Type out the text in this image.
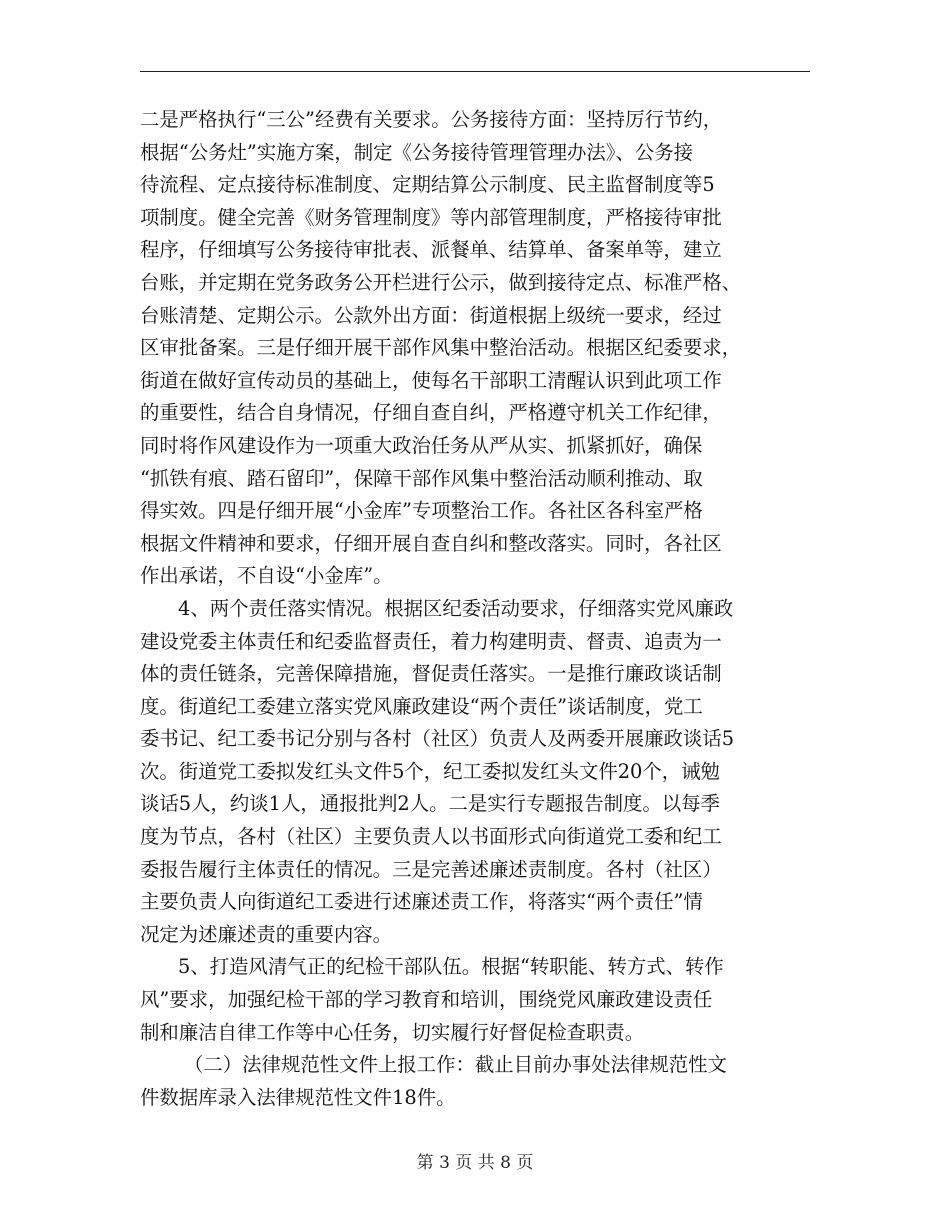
二是严格执行“三公”经费有关要求。公务接待方面：坚持厉行节约，
根据“公务灶”实施方案，制定《公务接待管理管理办法》、公务接
待流程、定点接待标准制度、定期结算公示制度、民主监督制度等5
项制度。健全完善《财务管理制度》等内部管理制度，严格接待审批
程序，仔细填写公务接待审批表、派餐单、结算单、备案单等，建立
台账，并定期在党务政务公开栏进行公示，做到接待定点、标准严格、
台账清楚、定期公示。公款外出方面：街道根据上级统一要求，经过
区审批备案。三是仔细开展干部作风集中整治活动。根据区纪委要求，
街道在做好宣传动员的基础上，使每名干部职工清醒认识到此项工作
的重要性，结合自身情况，仔细自查自纠，严格遵守机关工作纪律，
同时将作风建设作为一项重大政治任务从严从实、抓紧抓好，确保
“抓铁有痕、踏石留印”，保障干部作风集中整治活动顺利推动、取
得实效。四是仔细开展“小金库”专项整治工作。各社区各科室严格
根据文件精神和要求，仔细开展自查自纠和整改落实。同时，各社区
作出承诺，不自设“小金库”。
4、两个责任落实情况。根据区纪委活动要求，仔细落实党风廉政
建设党委主体责任和纪委监督责任，着力构建明责、督责、追责为一
体的责任链条，完善保障措施，督促责任落实。一是推行廉政谈话制
度。街道纪工委建立落实党风廉政建设“两个责任”谈话制度，党工
委书记、纪工委书记分别与各村（社区）负责人及两委开展廉政谈话5
次。街道党工委拟发红头文件5个，纪工委拟发红头文件20个，诫勉
谈话5人，约谈1人，通报批判2人。二是实行专题报告制度。以每季
度为节点，各村（社区）主要负责人以书面形式向街道党工委和纪工
委报告履行主体责任的情况。三是完善述廉述责制度。各村（社区）
主要负责人向街道纪工委进行述廉述责工作，将落实“两个责任”情
况定为述廉述责的重要内容。
5、打造风清气正的纪检干部队伍。根据“转职能、转方式、转作
风”要求，加强纪检干部的学习教育和培训，围绕党风廉政建设责任
制和廉洁自律工作等中心任务，切实履行好督促检查职责。
（二）法律规范性文件上报工作：截止目前办事处法律规范性文
件数据库录入法律规范性文件18件。
第 3 页 共 8 页
